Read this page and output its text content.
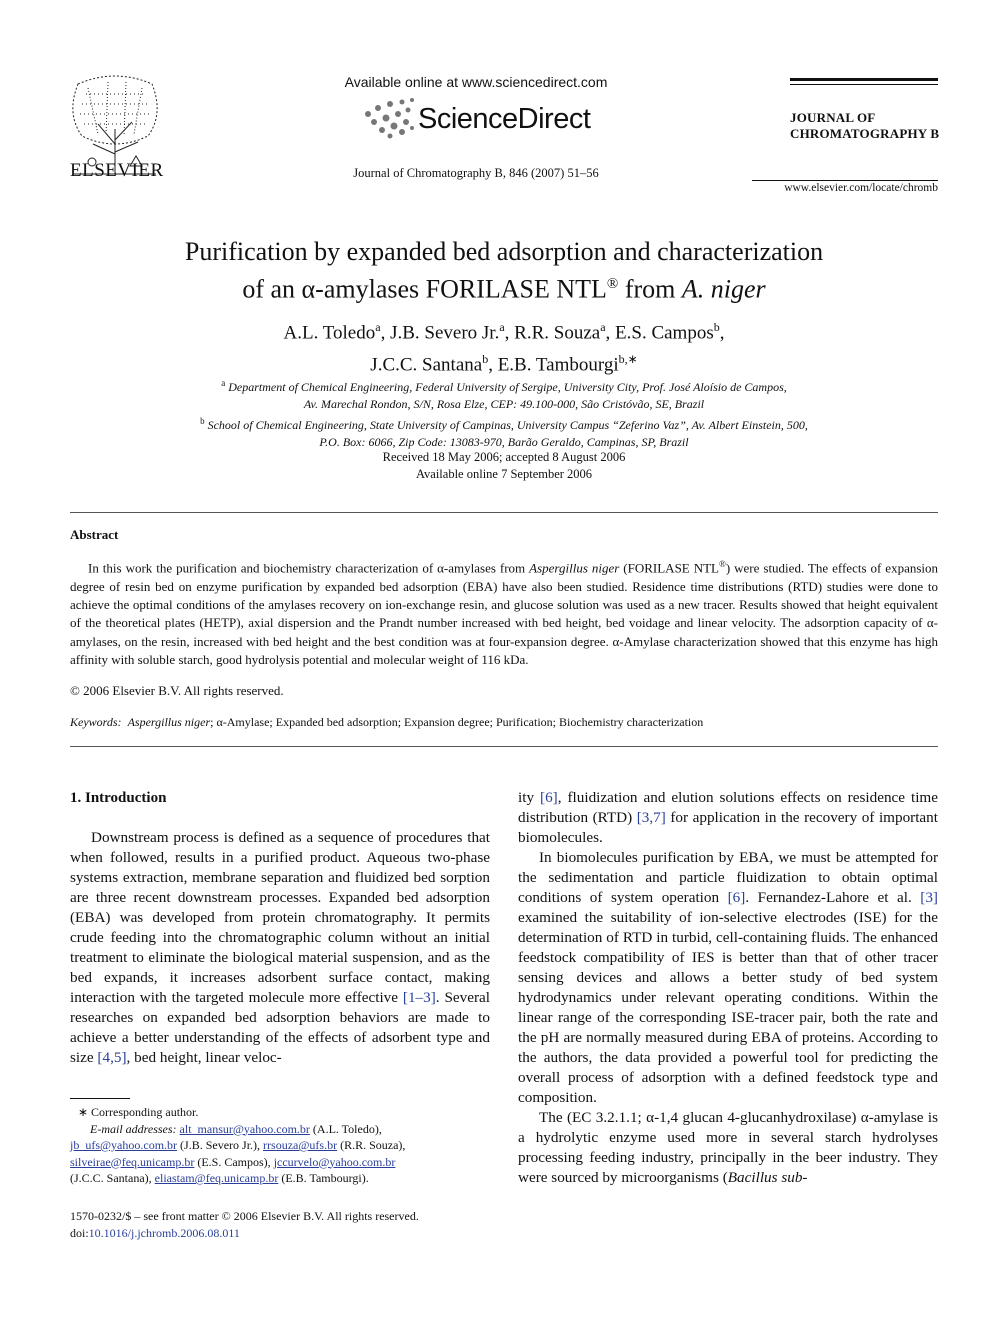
ELSEVIER
Available online at www.sciencedirect.com
ScienceDirect
Journal of Chromatography B, 846 (2007) 51–56
JOURNAL OF
CHROMATOGRAPHY B
www.elsevier.com/locate/chromb
Purification by expanded bed adsorption and characterization
of an α-amylases FORILASE NTL® from A. niger
A.L. Toledo$^a$, J.B. Severo Jr.$^a$, R.R. Souza$^a$, E.S. Campos$^b$,
J.C.C. Santana$^b$, E.B. Tambourgi$^{b,∗}$
$^a$ Department of Chemical Engineering, Federal University of Sergipe, University City, Prof. José Aloísio de Campos,
Av. Marechal Rondon, S/N, Rosa Elze, CEP: 49.100-000, São Cristóvão, SE, Brazil
$^b$ School of Chemical Engineering, State University of Campinas, University Campus “Zeferino Vaz”, Av. Albert Einstein, 500,
P.O. Box: 6066, Zip Code: 13083-970, Barão Geraldo, Campinas, SP, Brazil
Received 18 May 2006; accepted 8 August 2006
Available online 7 September 2006
Abstract
In this work the purification and biochemistry characterization of α-amylases from Aspergillus niger (FORILASE NTL®) were studied. The effects of expansion degree of resin bed on enzyme purification by expanded bed adsorption (EBA) have also been studied. Residence time distributions (RTD) studies were done to achieve the optimal conditions of the amylases recovery on ion-exchange resin, and glucose solution was used as a new tracer. Results showed that height equivalent of the theoretical plates (HETP), axial dispersion and the Prandt number increased with bed height, bed voidage and linear velocity. The adsorption capacity of α-amylases, on the resin, increased with bed height and the best condition was at four-expansion degree. α-Amylase characterization showed that this enzyme has high affinity with soluble starch, good hydrolysis potential and molecular weight of 116 kDa.
© 2006 Elsevier B.V. All rights reserved.
Keywords: Aspergillus niger; α-Amylase; Expanded bed adsorption; Expansion degree; Purification; Biochemistry characterization
1. Introduction

Downstream process is defined as a sequence of procedures that when followed, results in a purified product. Aqueous two-phase systems extraction, membrane separation and fluidized bed sorption are three recent downstream processes. Expanded bed adsorption (EBA) was developed from protein chromatography. It permits crude feeding into the chromatographic column without an initial treatment to eliminate the biological material suspension, and as the bed expands, it increases adsorbent surface contact, making interaction with the targeted molecule more effective [1–3]. Several researches on expanded bed adsorption behaviors are made to achieve a better understanding of the effects of adsorbent type and size [4,5], bed height, linear veloc-

ity [6], fluidization and elution solutions effects on residence time distribution (RTD) [3,7] for application in the recovery of important biomolecules.

In biomolecules purification by EBA, we must be attempted for the sedimentation and particle fluidization to obtain optimal conditions of system operation [6]. Fernandez-Lahore et al. [3] examined the suitability of ion-selective electrodes (ISE) for the determination of RTD in turbid, cell-containing fluids. The enhanced feedstock compatibility of IES is better than that of other tracer sensing devices and allows a better study of bed system hydrodynamics under relevant operating conditions. Within the linear range of the corresponding ISE-tracer pair, both the rate and the pH are normally measured during EBA of proteins. According to the authors, the data provided a powerful tool for predicting the overall process of adsorption with a defined feedstock type and composition.

The (EC 3.2.1.1; α-1,4 glucan 4-glucanhydroxilase) α-amylase is a hydrolytic enzyme used more in several starch hydrolyses processing feeding industry, principally in the beer industry. They were sourced by microorganisms (Bacillus sub-

∗ Corresponding author.
E-mail addresses: alt_mansur@yahoo.com.br (A.L. Toledo),
jb_ufs@yahoo.com.br (J.B. Severo Jr.), rrsouza@ufs.br (R.R. Souza),
silveirae@feq.unicamp.br (E.S. Campos), jccurvelo@yahoo.com.br
(J.C.C. Santana), eliastam@feq.unicamp.br (E.B. Tambourgi).
1570-0232/$ – see front matter © 2006 Elsevier B.V. All rights reserved.
doi:10.1016/j.jchromb.2006.08.011
